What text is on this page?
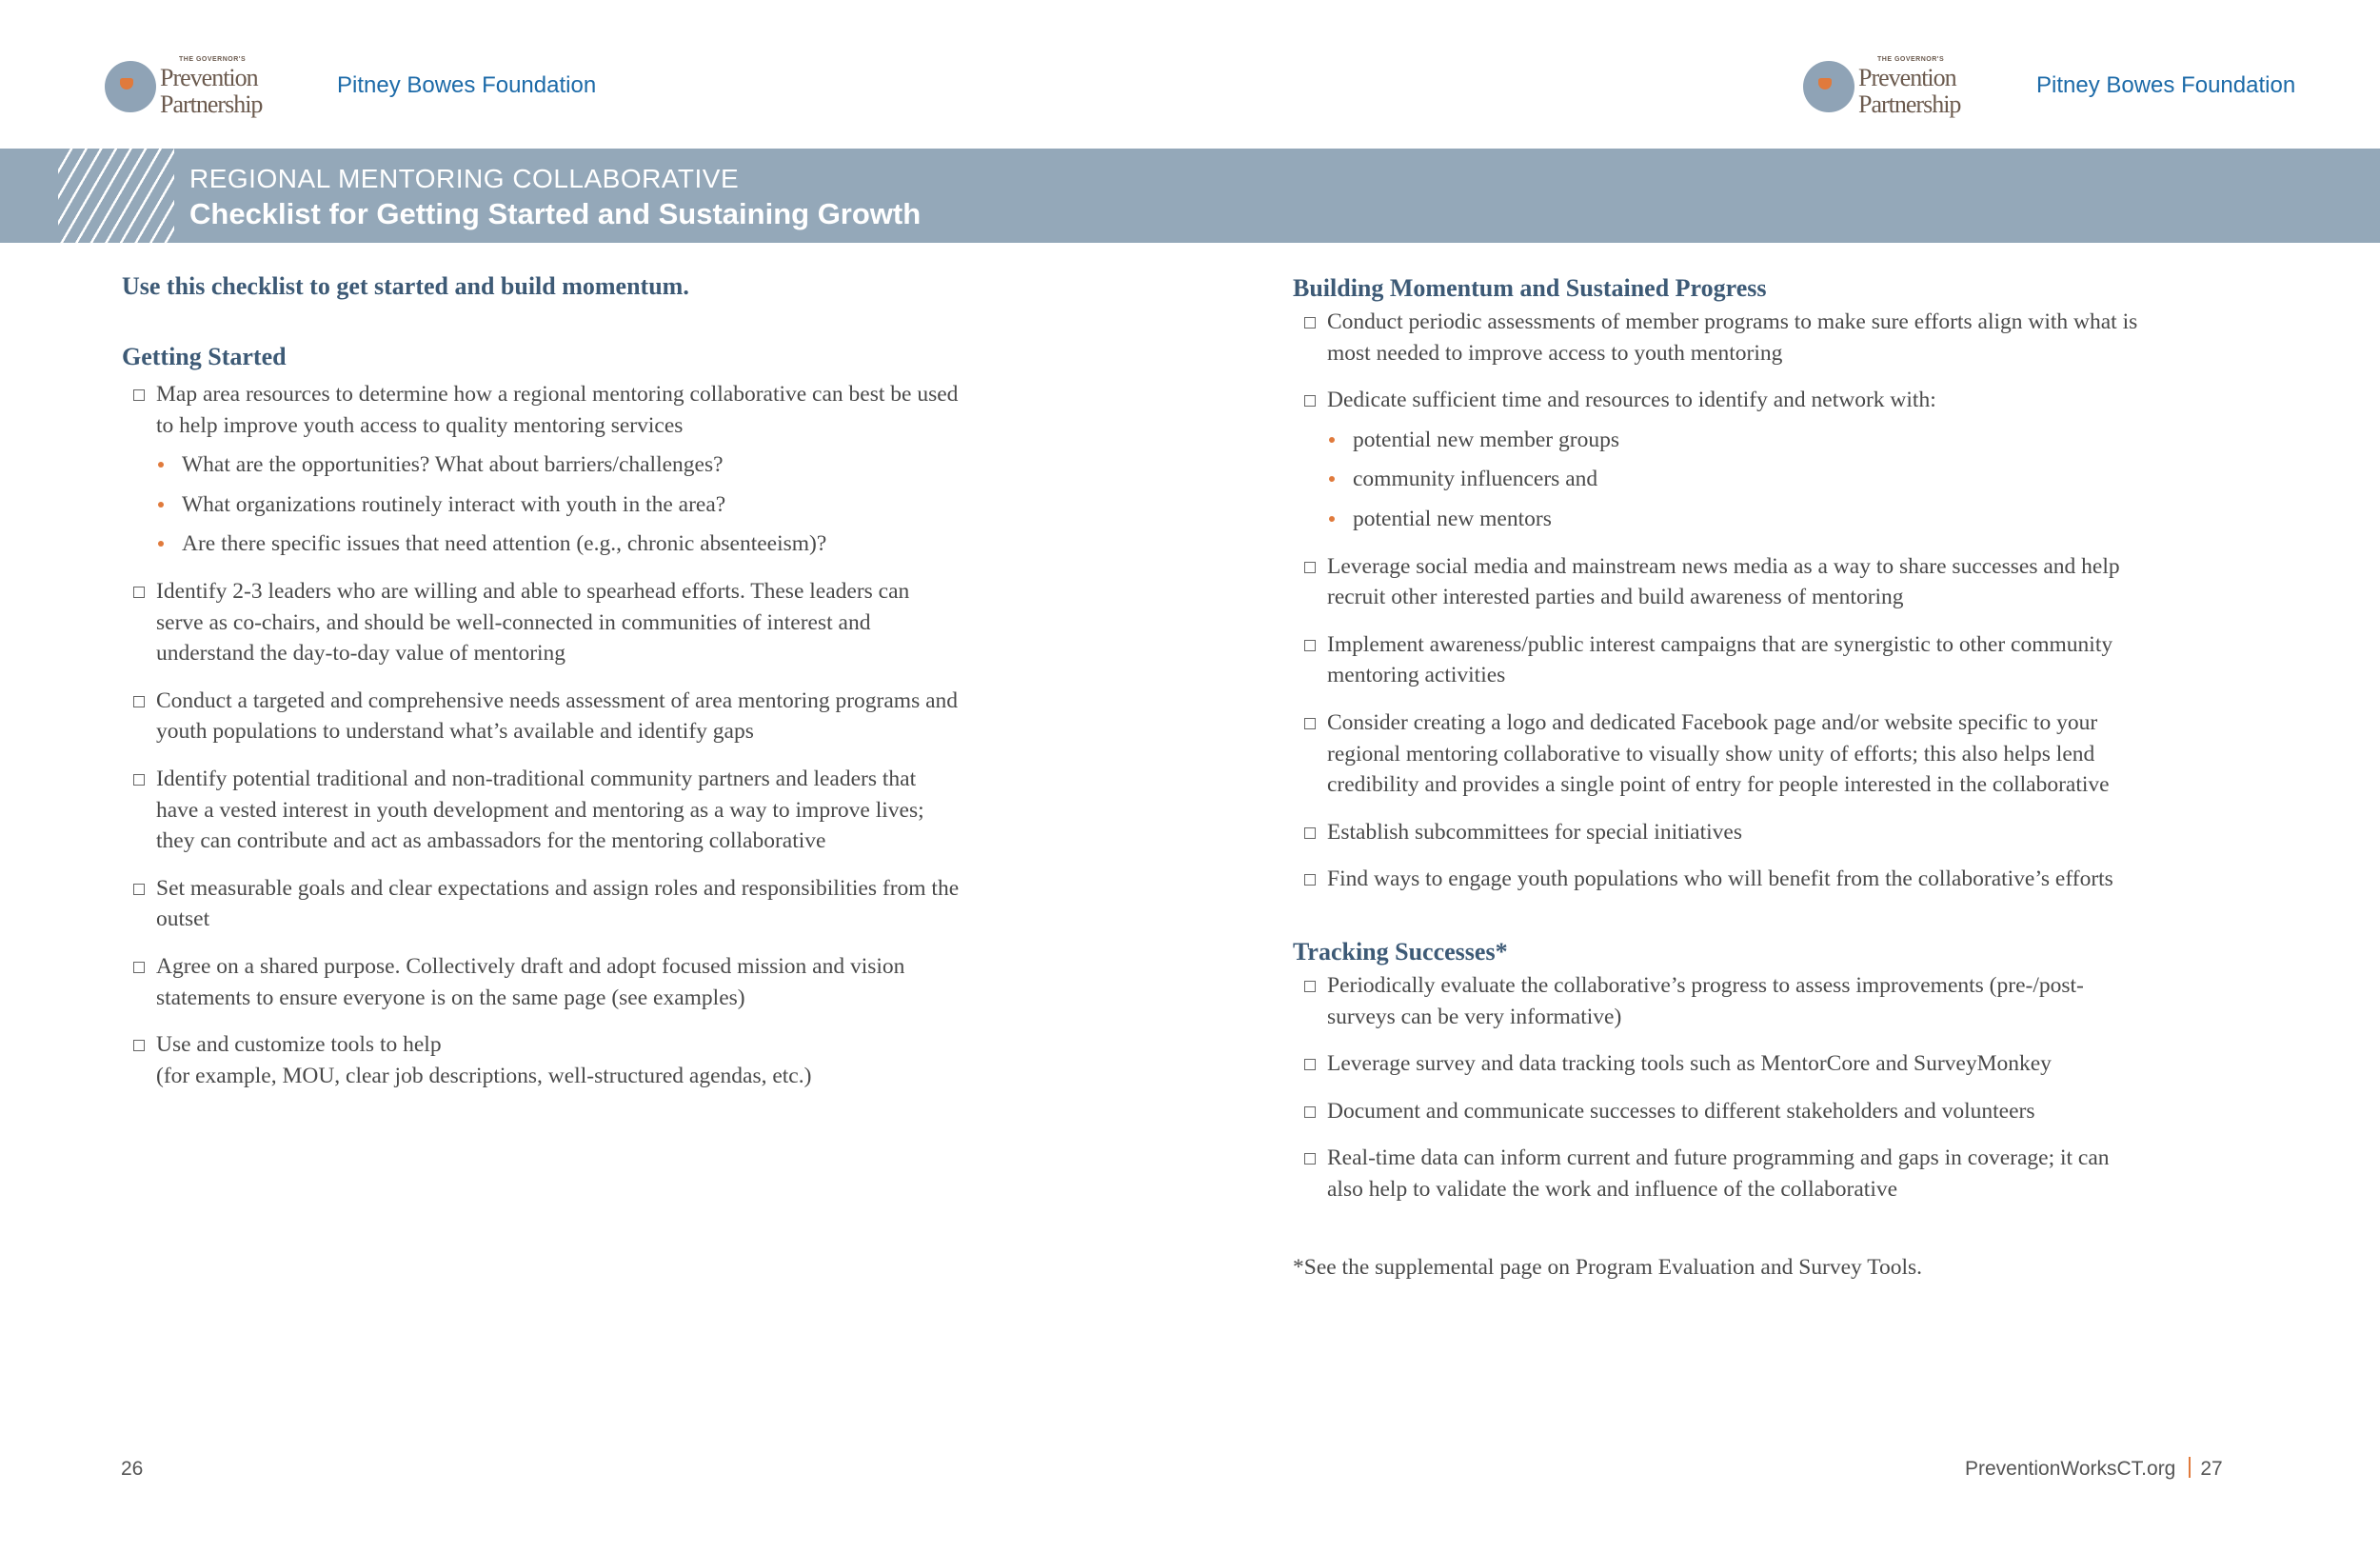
THE GOVERNOR'S
Prevention
Partnership
Pitney Bowes Foundation
THE GOVERNOR'S
Prevention
Partnership
Pitney Bowes Foundation
REGIONAL MENTORING COLLABORATIVE
Checklist for Getting Started and Sustaining Growth
Use this checklist to get started and build momentum.
Getting Started
Map area resources to determine how a regional mentoring collaborative can best be used to help improve youth access to quality mentoring services
What are the opportunities? What about barriers/challenges?
What organizations routinely interact with youth in the area?
Are there specific issues that need attention (e.g., chronic absenteeism)?
Identify 2-3 leaders who are willing and able to spearhead efforts. These leaders can serve as co-chairs, and should be well-connected in communities of interest and understand the day-to-day value of mentoring
Conduct a targeted and comprehensive needs assessment of area mentoring programs and youth populations to understand what’s available and identify gaps
Identify potential traditional and non-traditional community partners and leaders that have a vested interest in youth development and mentoring as a way to improve lives; they can contribute and act as ambassadors for the mentoring collaborative
Set measurable goals and clear expectations and assign roles and responsibilities from the outset
Agree on a shared purpose. Collectively draft and adopt focused mission and vision statements to ensure everyone is on the same page (see examples)
Use and customize tools to help
(for example, MOU, clear job descriptions, well-structured agendas, etc.)
Building Momentum and Sustained Progress
Conduct periodic assessments of member programs to make sure efforts align with what is most needed to improve access to youth mentoring
Dedicate sufficient time and resources to identify and network with:
potential new member groups
community influencers and
potential new mentors
Leverage social media and mainstream news media as a way to share successes and help recruit other interested parties and build awareness of mentoring
Implement awareness/public interest campaigns that are synergistic to other community mentoring activities
Consider creating a logo and dedicated Facebook page and/or website specific to your regional mentoring collaborative to visually show unity of efforts; this also helps lend credibility and provides a single point of entry for people interested in the collaborative
Establish subcommittees for special initiatives
Find ways to engage youth populations who will benefit from the collaborative’s efforts
Tracking Successes*
Periodically evaluate the collaborative’s progress to assess improvements (pre-/post-surveys can be very informative)
Leverage survey and data tracking tools such as MentorCore and SurveyMonkey
Document and communicate successes to different stakeholders and volunteers
Real-time data can inform current and future programming and gaps in coverage; it can also help to validate the work and influence of the collaborative
*See the supplemental page on Program Evaluation and Survey Tools.
26	PreventionWorksCT.org 27
